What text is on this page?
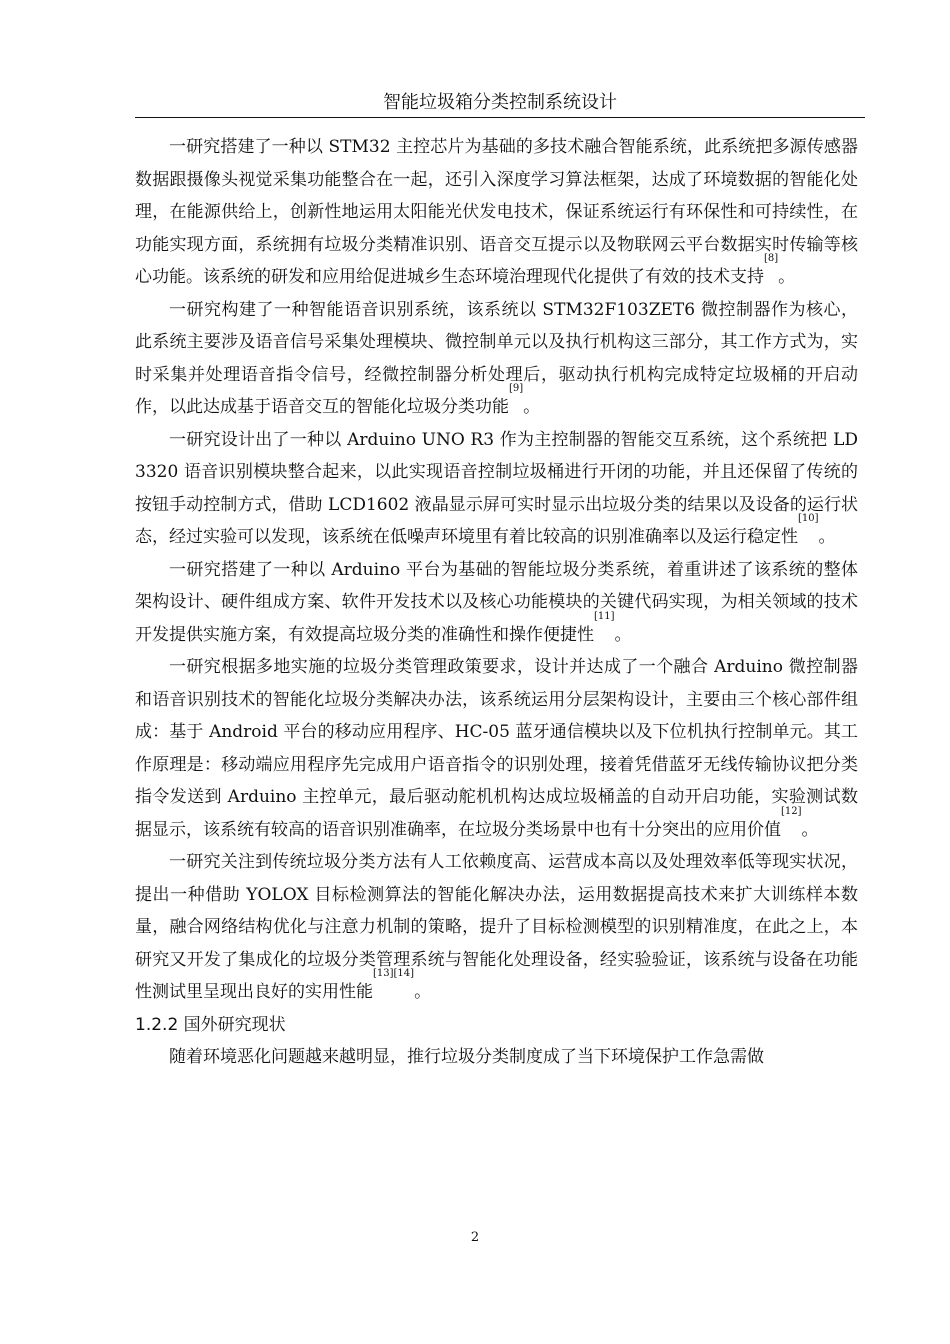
智能垃圾箱分类控制系统设计

一研究搭建了一种以 STM32 主控芯片为基础的多技术融合智能系统，此系统把多源传感器数据跟摄像头视觉采集功能整合在一起，还引入深度学习算法框架，达成了环境数据的智能化处理，在能源供给上，创新性地运用太阳能光伏发电技术，保证系统运行有环保性和可持续性，在功能实现方面，系统拥有垃圾分类精准识别、语音交互提示以及物联网云平台数据实时传输等核心功能。该系统的研发和应用给促进城乡生态环境治理现代化提供了有效的技术支持[8]。

一研究构建了一种智能语音识别系统，该系统以 STM32F103ZET6 微控制器作为核心，此系统主要涉及语音信号采集处理模块、微控制单元以及执行机构这三部分，其工作方式为，实时采集并处理语音指令信号，经微控制器分析处理后，驱动执行机构完成特定垃圾桶的开启动作，以此达成基于语音交互的智能化垃圾分类功能[9]。

一研究设计出了一种以 Arduino UNO R3 作为主控制器的智能交互系统，这个系统把 LD3320 语音识别模块整合起来，以此实现语音控制垃圾桶进行开闭的功能，并且还保留了传统的按钮手动控制方式，借助 LCD1602 液晶显示屏可实时显示出垃圾分类的结果以及设备的运行状态，经过实验可以发现，该系统在低噪声环境里有着比较高的识别准确率以及运行稳定性[10]。

一研究搭建了一种以 Arduino 平台为基础的智能垃圾分类系统，着重讲述了该系统的整体架构设计、硬件组成方案、软件开发技术以及核心功能模块的关键代码实现，为相关领域的技术开发提供实施方案，有效提高垃圾分类的准确性和操作便捷性[11]。

一研究根据多地实施的垃圾分类管理政策要求，设计并达成了一个融合 Arduino 微控制器和语音识别技术的智能化垃圾分类解决办法，该系统运用分层架构设计，主要由三个核心部件组成：基于 Android 平台的移动应用程序、HC-05 蓝牙通信模块以及下位机执行控制单元。其工作原理是：移动端应用程序先完成用户语音指令的识别处理，接着凭借蓝牙无线传输协议把分类指令发送到 Arduino 主控单元，最后驱动舵机机构达成垃圾桶盖的自动开启功能，实验测试数据显示，该系统有较高的语音识别准确率，在垃圾分类场景中也有十分突出的应用价值[12]。

一研究关注到传统垃圾分类方法有人工依赖度高、运营成本高以及处理效率低等现实状况，提出一种借助 YOLOX 目标检测算法的智能化解决办法，运用数据提高技术来扩大训练样本数量，融合网络结构优化与注意力机制的策略，提升了目标检测模型的识别精准度，在此之上，本研究又开发了集成化的垃圾分类管理系统与智能化处理设备，经实验验证，该系统与设备在功能性测试里呈现出良好的实用性能[13][14]。

1.2.2 国外研究现状

随着环境恶化问题越来越明显，推行垃圾分类制度成了当下环境保护工作急需做

2
